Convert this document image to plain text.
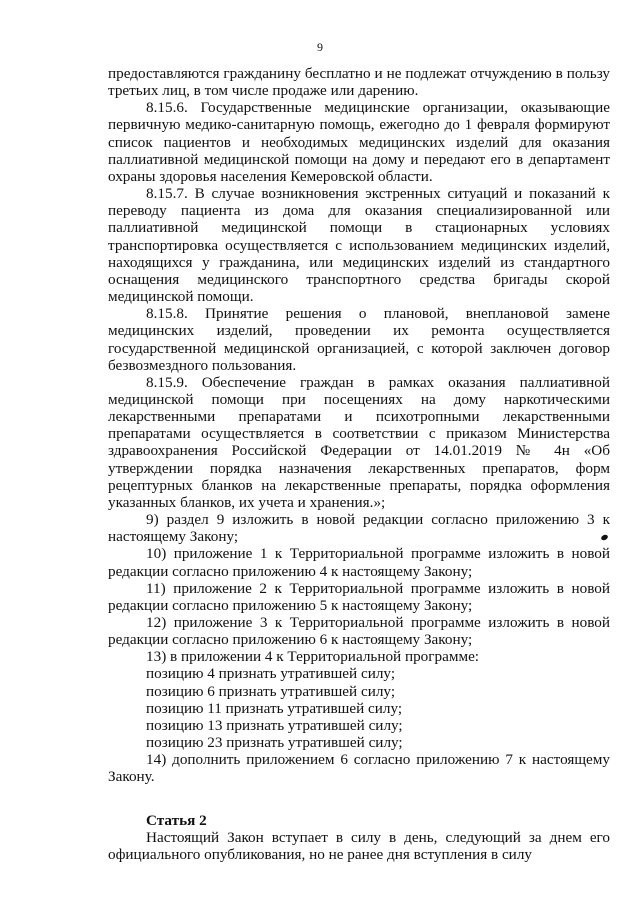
9

предоставляются гражданину бесплатно и не подлежат отчуждению в пользу третьих лиц, в том числе продаже или дарению.

8.15.6. Государственные медицинские организации, оказывающие первичную медико-санитарную помощь, ежегодно до 1 февраля формируют список пациентов и необходимых медицинских изделий для оказания паллиативной медицинской помощи на дому и передают его в департамент охраны здоровья населения Кемеровской области.

8.15.7. В случае возникновения экстренных ситуаций и показаний к переводу пациента из дома для оказания специализированной или паллиативной медицинской помощи в стационарных условиях транспортировка осуществляется с использованием медицинских изделий, находящихся у гражданина, или медицинских изделий из стандартного оснащения медицинского транспортного средства бригады скорой медицинской помощи.

8.15.8. Принятие решения о плановой, внеплановой замене медицинских изделий, проведении их ремонта осуществляется государственной медицинской организацией, с которой заключен договор безвозмездного пользования.

8.15.9. Обеспечение граждан в рамках оказания паллиативной медицинской помощи при посещениях на дому наркотическими лекарственными препаратами и психотропными лекарственными препаратами осуществляется в соответствии с приказом Министерства здравоохранения Российской Федерации от 14.01.2019 № 4н «Об утверждении порядка назначения лекарственных препаратов, форм рецептурных бланков на лекарственные препараты, порядка оформления указанных бланков, их учета и хранения.»;

9) раздел 9 изложить в новой редакции согласно приложению 3 к настоящему Закону;

10) приложение 1 к Территориальной программе изложить в новой редакции согласно приложению 4 к настоящему Закону;

11) приложение 2 к Территориальной программе изложить в новой редакции согласно приложению 5 к настоящему Закону;

12) приложение 3 к Территориальной программе изложить в новой редакции согласно приложению 6 к настоящему Закону;

13) в приложении 4 к Территориальной программе:

позицию 4 признать утратившей силу;

позицию 6 признать утратившей силу;

позицию 11 признать утратившей силу;

позицию 13 признать утратившей силу;

позицию 23 признать утратившей силу;

14) дополнить приложением 6 согласно приложению 7 к настоящему Закону.

Статья 2

Настоящий Закон вступает в силу в день, следующий за днем его официального опубликования, но не ранее дня вступления в силу
